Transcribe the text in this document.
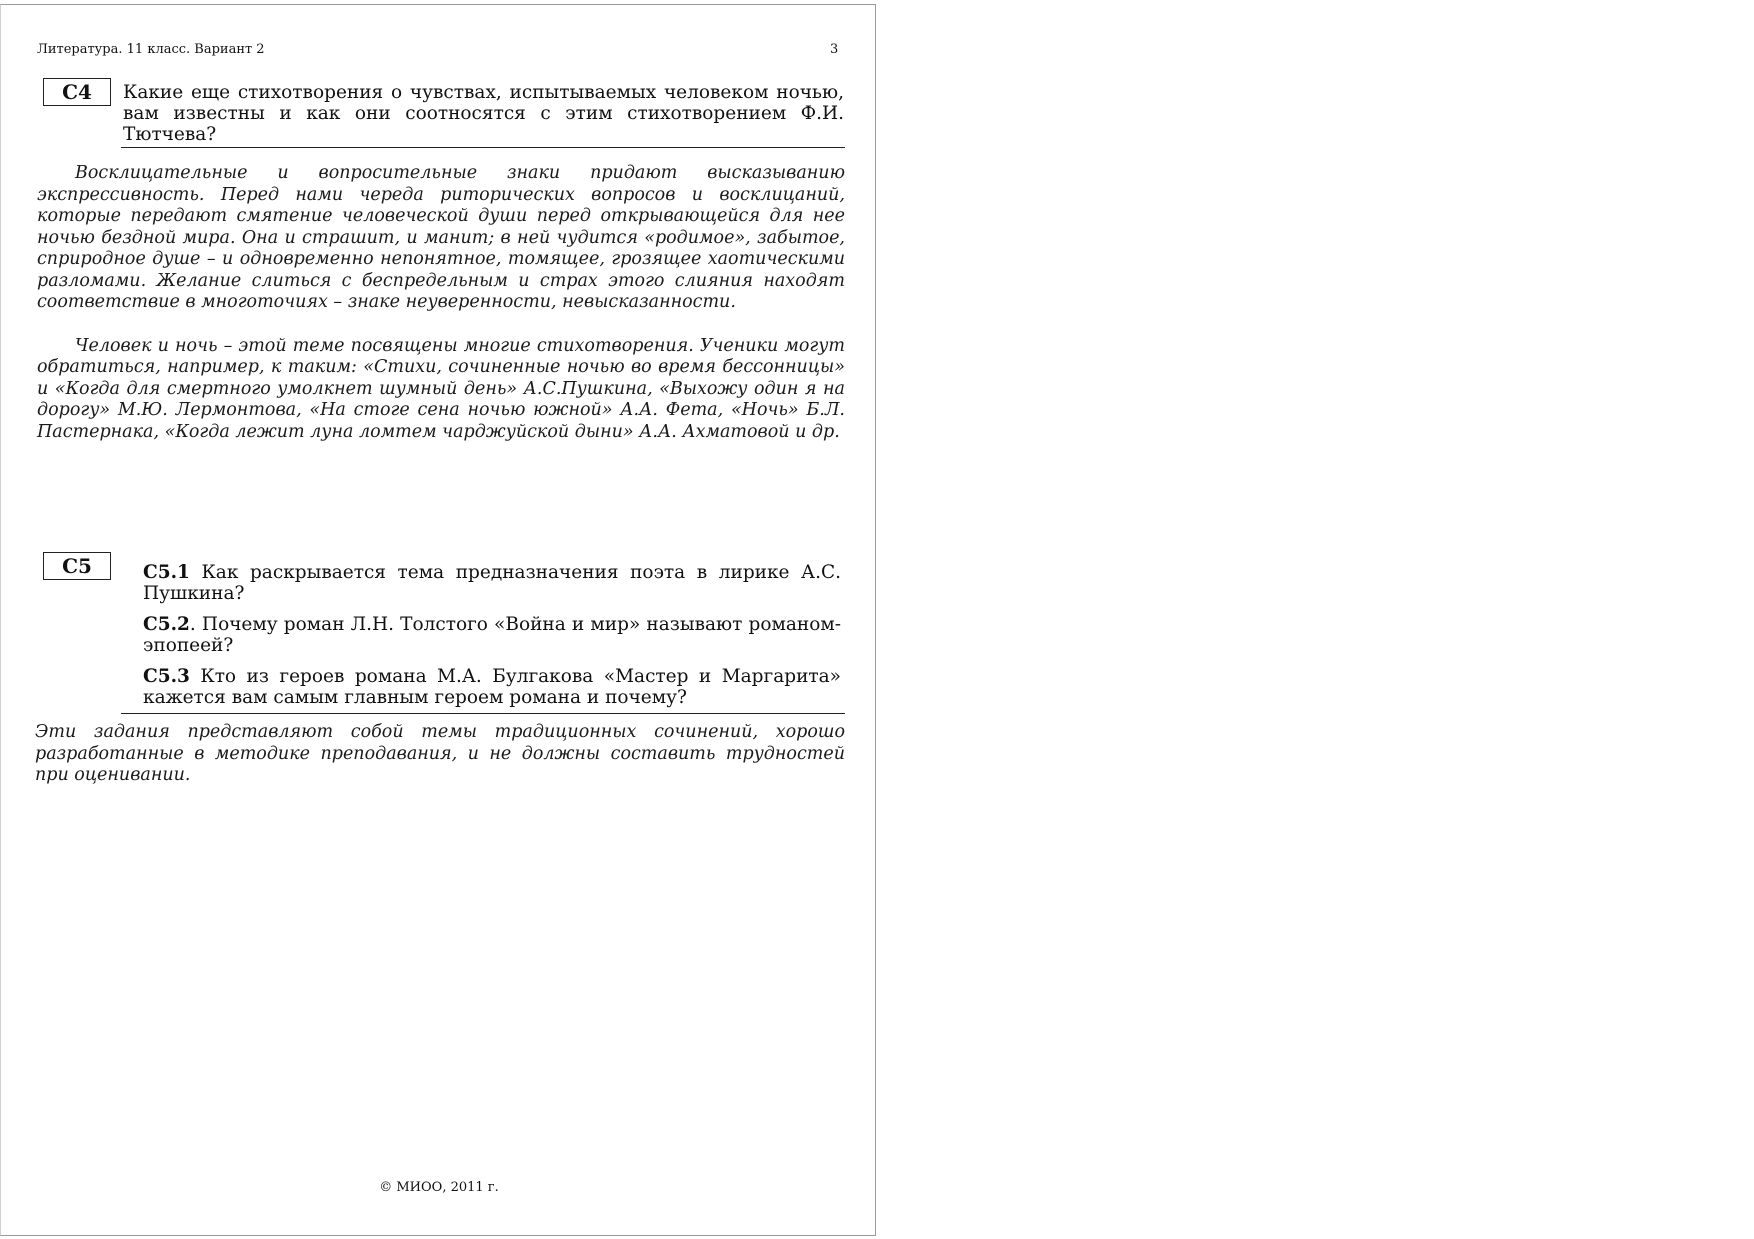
Литература. 11 класс. Вариант 2	3
С4	Какие еще стихотворения о чувствах, испытываемых человеком ночью, вам известны и как они соотносятся с этим стихотворением Ф.И. Тютчева?

Восклицательные и вопросительные знаки придают высказыванию экспрессивность. Перед нами череда риторических вопросов и восклицаний, которые передают смятение человеческой души перед открывающейся для нее ночью бездной мира. Она и страшит, и манит; в ней чудится «родимое», забытое, сприродное душе – и одновременно непонятное, томящее, грозящее хаотическими разломами. Желание слиться с беспредельным и страх этого слияния находят соответствие в многоточиях – знаке неуверенности, невысказанности.

Человек и ночь – этой теме посвящены многие стихотворения. Ученики могут обратиться, например, к таким: «Стихи, сочиненные ночью во время бессонницы» и «Когда для смертного умолкнет шумный день» А.С.Пушкина, «Выхожу один я на дорогу» М.Ю. Лермонтова, «На стоге сена ночью южной» А.А. Фета, «Ночь» Б.Л. Пастернака, «Когда лежит луна ломтем чарджуйской дыни» А.А. Ахматовой и др.

С5	С5.1 Как раскрывается тема предназначения поэта в лирике А.С. Пушкина?
С5.2. Почему роман Л.Н. Толстого «Война и мир» называют романом-эпопеей?
С5.3 Кто из героев романа М.А. Булгакова «Мастер и Маргарита» кажется вам самым главным героем романа и почему?

Эти задания представляют собой темы традиционных сочинений, хорошо разработанные в методике преподавания, и не должны составить трудностей при оценивании.

© МИОО, 2011 г.
